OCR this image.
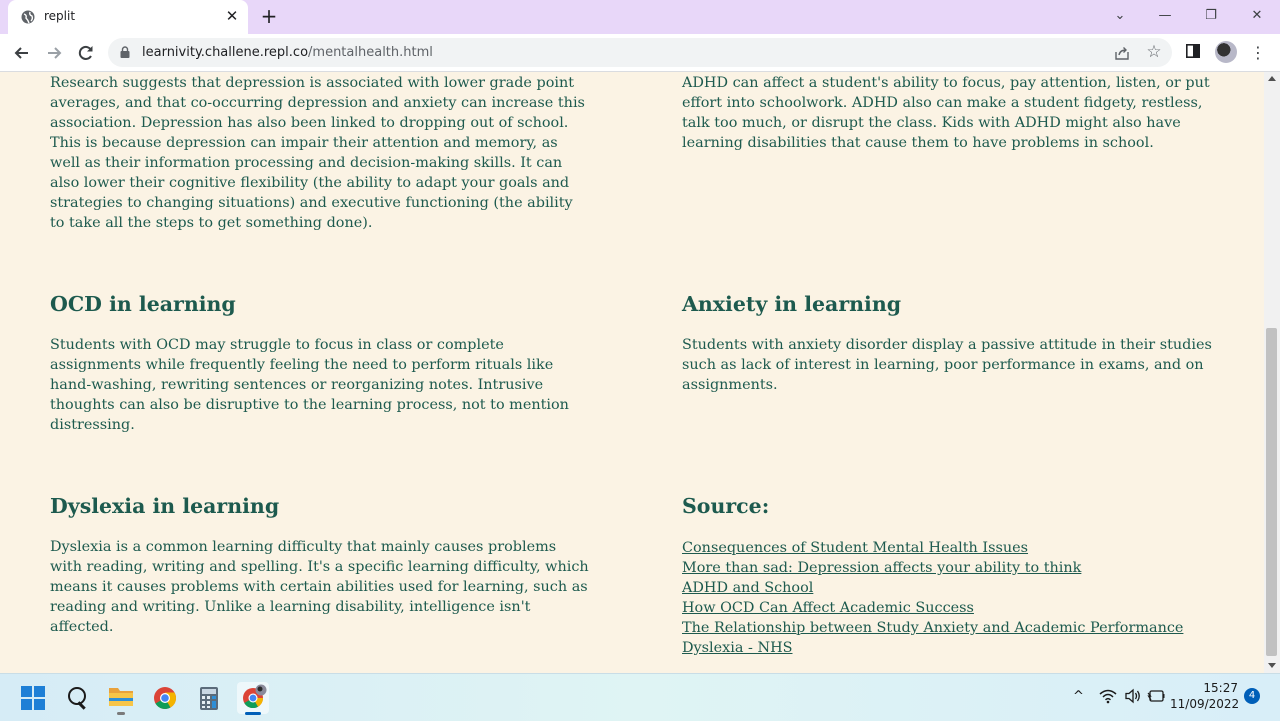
replit	✕ +	⌄	—	❐	✕
learnivity.challene.repl.co/mentalhealth.html	☆	⋮

Research suggests that depression is associated with lower grade point averages, and that co-occurring depression and anxiety can increase this association. Depression has also been linked to dropping out of school. This is because depression can impair their attention and memory, as well as their information processing and decision-making skills. It can also lower their cognitive flexibility (the ability to adapt your goals and strategies to changing situations) and executive functioning (the ability to take all the steps to get something done).

ADHD can affect a student's ability to focus, pay attention, listen, or put effort into schoolwork. ADHD also can make a student fidgety, restless, talk too much, or disrupt the class. Kids with ADHD might also have learning disabilities that cause them to have problems in school.

OCD in learning

Students with OCD may struggle to focus in class or complete assignments while frequently feeling the need to perform rituals like hand-washing, rewriting sentences or reorganizing notes. Intrusive thoughts can also be disruptive to the learning process, not to mention distressing.

Anxiety in learning

Students with anxiety disorder display a passive attitude in their studies such as lack of interest in learning, poor performance in exams, and on assignments.

Dyslexia in learning

Dyslexia is a common learning difficulty that mainly causes problems with reading, writing and spelling. It's a specific learning difficulty, which means it causes problems with certain abilities used for learning, such as reading and writing. Unlike a learning disability, intelligence isn't affected.

Source:
Consequences of Student Mental Health Issues
More than sad: Depression affects your ability to think
ADHD and School
How OCD Can Affect Academic Success
The Relationship between Study Anxiety and Academic Performance
Dyslexia - NHS
^
15:27
11/09/2022
4
